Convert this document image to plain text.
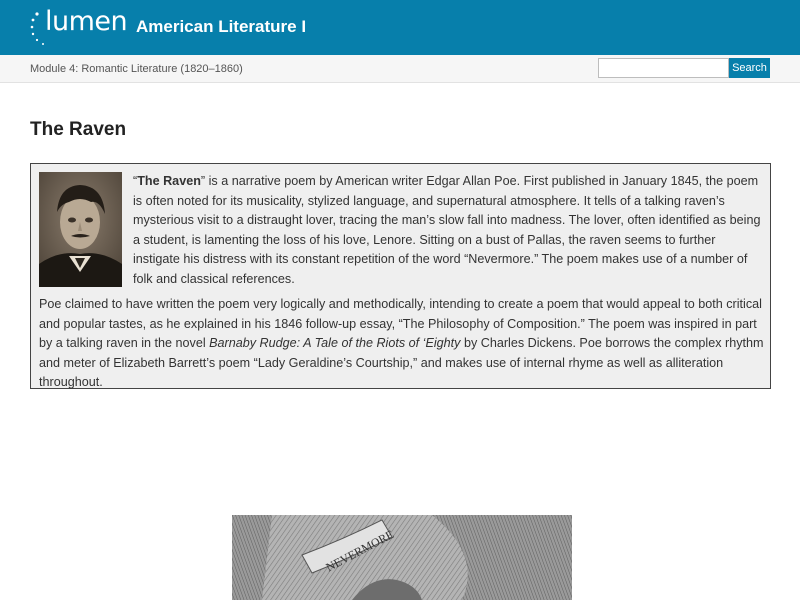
lumen American Literature I
Module 4: Romantic Literature (1820–1860)	Search
The Raven

“The Raven” is a narrative poem by American writer Edgar Allan Poe. First published in January 1845, the poem is often noted for its musicality, stylized language, and supernatural atmosphere. It tells of a talking raven’s mysterious visit to a distraught lover, tracing the man’s slow fall into madness. The lover, often identified as being a student, is lamenting the loss of his love, Lenore. Sitting on a bust of Pallas, the raven seems to further instigate his distress with its constant repetition of the word “Nevermore.” The poem makes use of a number of folk and classical references.

Poe claimed to have written the poem very logically and methodically, intending to create a poem that would appeal to both critical and popular tastes, as he explained in his 1846 follow-up essay, “The Philosophy of Composition.” The poem was inspired in part by a talking raven in the novel Barnaby Rudge: A Tale of the Riots of ‘Eighty by Charles Dickens. Poe borrows the complex rhythm and meter of Elizabeth Barrett’s poem “Lady Geraldine’s Courtship,” and makes use of internal rhyme as well as alliteration throughout.

NEVERMORE
